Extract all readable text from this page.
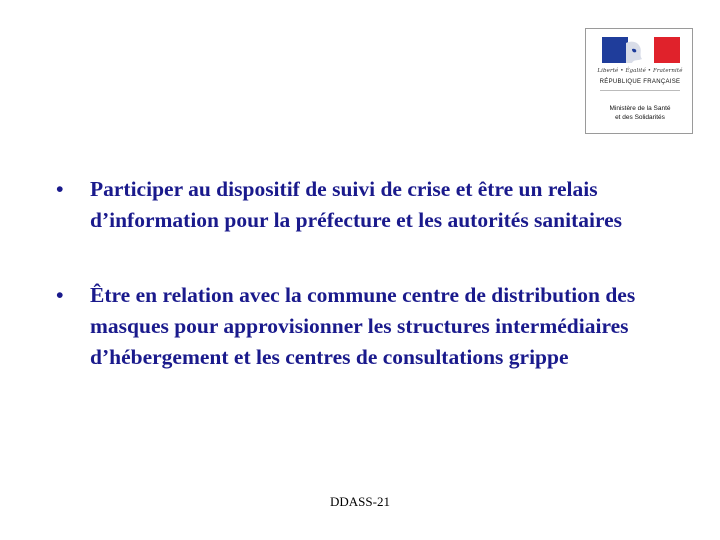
Liberté • Égalité • Fraternité
RÉPUBLIQUE FRANÇAISE
Ministère de la Santé
et des Solidarités
• Participer au dispositif de suivi de crise et être un relais d’information pour la préfecture et les autorités sanitaires
• Être en relation avec la commune centre de distribution des masques pour approvisionner les structures intermédiaires d’hébergement et les centres de consultations grippe
DDASS-21
